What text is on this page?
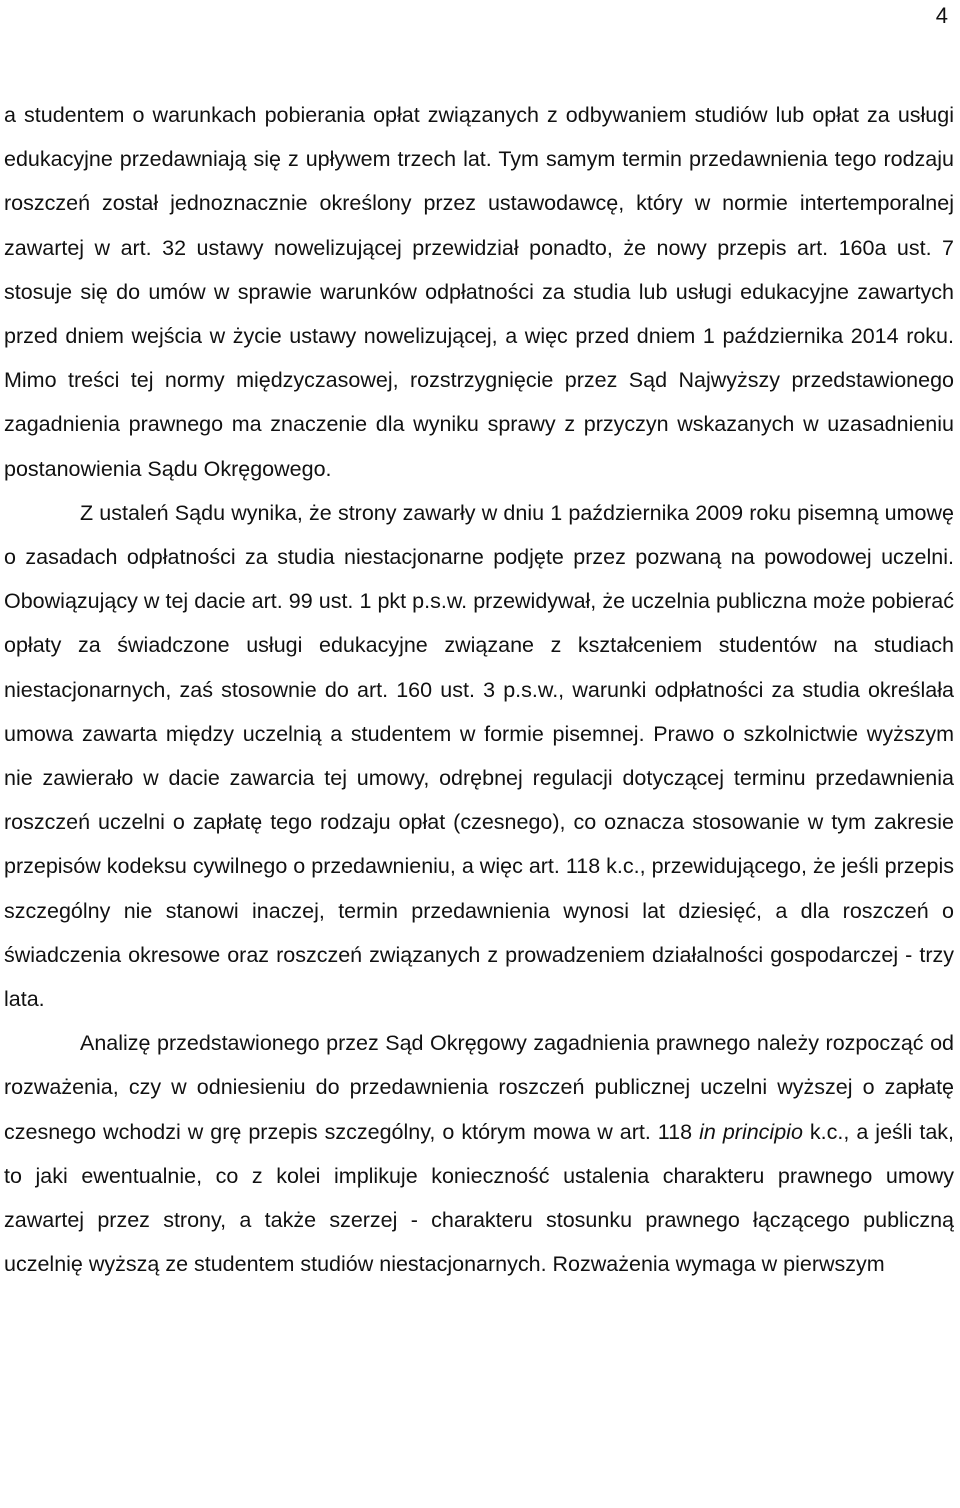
4

a studentem o warunkach pobierania opłat związanych z odbywaniem studiów lub opłat za usługi edukacyjne przedawniają się z upływem trzech lat. Tym samym termin przedawnienia tego rodzaju roszczeń został jednoznacznie określony przez ustawodawcę, który w normie intertemporalnej zawartej w art. 32 ustawy nowelizującej przewidział ponadto, że nowy przepis art. 160a ust. 7 stosuje się do umów w sprawie warunków odpłatności za studia lub usługi edukacyjne zawartych przed dniem wejścia w życie ustawy nowelizującej, a więc przed dniem 1 października 2014 roku. Mimo treści tej normy międzyczasowej, rozstrzygnięcie przez Sąd Najwyższy przedstawionego zagadnienia prawnego ma znaczenie dla wyniku sprawy z przyczyn wskazanych w uzasadnieniu postanowienia Sądu Okręgowego.

Z ustaleń Sądu wynika, że strony zawarły w dniu 1 października 2009 roku pisemną umowę o zasadach odpłatności za studia niestacjonarne podjęte przez pozwaną na powodowej uczelni. Obowiązujący w tej dacie art. 99 ust. 1 pkt p.s.w. przewidywał, że uczelnia publiczna może pobierać opłaty za świadczone usługi edukacyjne związane z kształceniem studentów na studiach niestacjonarnych, zaś stosownie do art. 160 ust. 3 p.s.w., warunki odpłatności za studia określała umowa zawarta między uczelnią a studentem w formie pisemnej. Prawo o szkolnictwie wyższym nie zawierało w dacie zawarcia tej umowy, odrębnej regulacji dotyczącej terminu przedawnienia roszczeń uczelni o zapłatę tego rodzaju opłat (czesnego), co oznacza stosowanie w tym zakresie przepisów kodeksu cywilnego o przedawnieniu, a więc art. 118 k.c., przewidującego, że jeśli przepis szczególny nie stanowi inaczej, termin przedawnienia wynosi lat dziesięć, a dla roszczeń o świadczenia okresowe oraz roszczeń związanych z prowadzeniem działalności gospodarczej - trzy lata.

Analizę przedstawionego przez Sąd Okręgowy zagadnienia prawnego należy rozpocząć od rozważenia, czy w odniesieniu do przedawnienia roszczeń publicznej uczelni wyższej o zapłatę czesnego wchodzi w grę przepis szczególny, o którym mowa w art. 118 in principio k.c., a jeśli tak, to jaki ewentualnie, co z kolei implikuje konieczność ustalenia charakteru prawnego umowy zawartej przez strony, a także szerzej - charakteru stosunku prawnego łączącego publiczną uczelnię wyższą ze studentem studiów niestacjonarnych. Rozważenia wymaga w pierwszym
